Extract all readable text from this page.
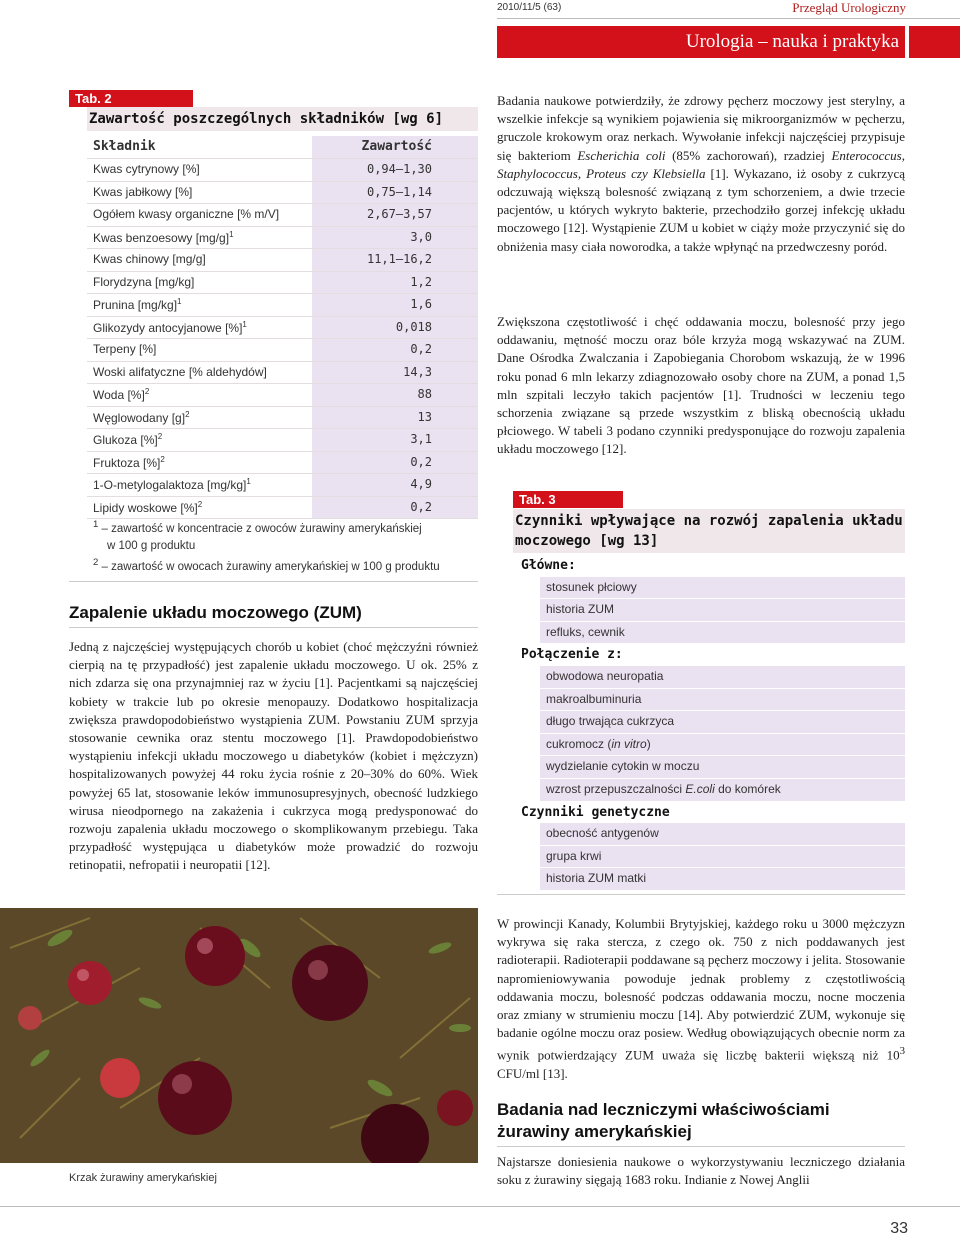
2010/11/5 (63)	Przegląd Urologiczny
Urologia – nauka i praktyka
Tab. 2
Zawartość poszczególnych składników [wg 6]
Składnik	Zawartość
Kwas cytrynowy [%]	0,94–1,30
Kwas jabłkowy [%]	0,75–1,14
Ogółem kwasy organiczne [% m/V]	2,67–3,57
Kwas benzoesowy $[mg/g]^1$	3,0
Kwas chinowy [mg/g]	11,1–16,2
Florydzyna [mg/kg]	1,2
Prunina $[mg/kg]^1$	1,6
Glikozydy antocyjanowe [%]$^1$	0,018
Terpeny [%]	0,2
Woski alifatyczne [% aldehydów]	14,3
Woda [%]$^2$	88
Węglowodany $[g]^2$	13
Glukoza [%]$^2$	3,1
Fruktoza [%]$^2$	0,2
1-O-metylogalaktoza $[mg/kg]^1$	4,9
Lipidy woskowe [%]$^2$	0,2
$^1$ – zawartość w koncentracie z owoców żurawiny amerykańskiej
w 100 g produktu
$^2$ – zawartość w owocach żurawiny amerykańskiej w 100 g produktu
Zapalenie układu moczowego (ZUM)
Jedną z najczęściej występujących chorób u kobiet (choć mężczyźni również cierpią na tę przypadłość) jest zapalenie układu moczowego. U ok. 25% z nich zdarza się ona przynajmniej raz w życiu [1]. Pacjentkami są najczęściej kobiety w trakcie lub po okresie menopauzy. Dodatkowo hospitalizacja zwiększa prawdopodobieństwo wystąpienia ZUM. Powstaniu ZUM sprzyja stosowanie cewnika oraz stentu moczowego [1]. Prawdopodobieństwo wystąpieniu infekcji układu moczowego u diabetyków (kobiet i mężczyzn) hospitalizowanych powyżej 44 roku życia rośnie z 20–30% do 60%. Wiek powyżej 65 lat, stosowanie leków immunosupresyjnych, obecność ludzkiego wirusa nieodpornego na zakażenia i cukrzyca mogą predysponować do rozwoju zapalenia układu moczowego o skomplikowanym przebiegu. Taka przypadłość występująca u diabetyków może prowadzić do rozwoju retinopatii, nefropatii i neuropatii [12].
Krzak żurawiny amerykańskiej
Badania naukowe potwierdziły, że zdrowy pęcherz moczowy jest sterylny, a wszelkie infekcje są wynikiem pojawienia się mikroorganizmów w pęcherzu, gruczole krokowym oraz nerkach. Wywołanie infekcji najczęściej przypisuje się bakteriom Escherichia coli (85% zachorowań), rzadziej Enterococcus, Staphylococcus, Proteus czy Klebsiella [1]. Wykazano, iż osoby z cukrzycą odczuwają większą bolesność związaną z tym schorzeniem, a dwie trzecie pacjentów, u których wykryto bakterie, przechodziło gorzej infekcję układu moczowego [12]. Wystąpienie ZUM u kobiet w ciąży może przyczynić się do obniżenia masy ciała noworodka, a także wpłynąć na przedwczesny poród.
Zwiększona częstotliwość i chęć oddawania moczu, bolesność przy jego oddawaniu, mętność moczu oraz bóle krzyża mogą wskazywać na ZUM. Dane Ośrodka Zwalczania i Zapobiegania Chorobom wskazują, że w 1996 roku ponad 6 mln lekarzy zdiagnozowało osoby chore na ZUM, a ponad 1,5 mln szpitali leczyło takich pacjentów [1]. Trudności w leczeniu tego schorzenia związane są przede wszystkim z bliską obecnością układu płciowego. W tabeli 3 podano czynniki predysponujące do rozwoju zapalenia układu moczowego [12].
Tab. 3
Czynniki wpływające na rozwój zapalenia układu
moczowego [wg 13]
Główne:
stosunek płciowy
historia ZUM
refluks, cewnik
Połączenie z:
obwodowa neuropatia
makroalbuminuria
długo trwająca cukrzyca
cukromocz (in vitro)
wydzielanie cytokin w moczu
wzrost przepuszczalności E.coli do komórek
Czynniki genetyczne
obecność antygenów
grupa krwi
historia ZUM matki
W prowincji Kanady, Kolumbii Brytyjskiej, każdego roku u 3000 mężczyzn wykrywa się raka stercza, z czego ok. 750 z nich poddawanych jest radioterapii. Radioterapii poddawane są pęcherz moczowy i jelita. Stosowanie napromieniowywania powoduje jednak problemy z częstotliwością oddawania moczu, bolesność podczas oddawania moczu, nocne moczenia oraz zmiany w strumieniu moczu [14]. Aby potwierdzić ZUM, wykonuje się badanie ogólne moczu oraz posiew. Według obowiązujących obecnie norm za wynik potwierdzający ZUM uważa się liczbę bakterii większą niż $10^3$ CFU/ml [13].
Badania nad leczniczymi właściwościami
żurawiny amerykańskiej
Najstarsze doniesienia naukowe o wykorzystywaniu leczniczego działania soku z żurawiny sięgają 1683 roku. Indianie z Nowej Anglii
33
